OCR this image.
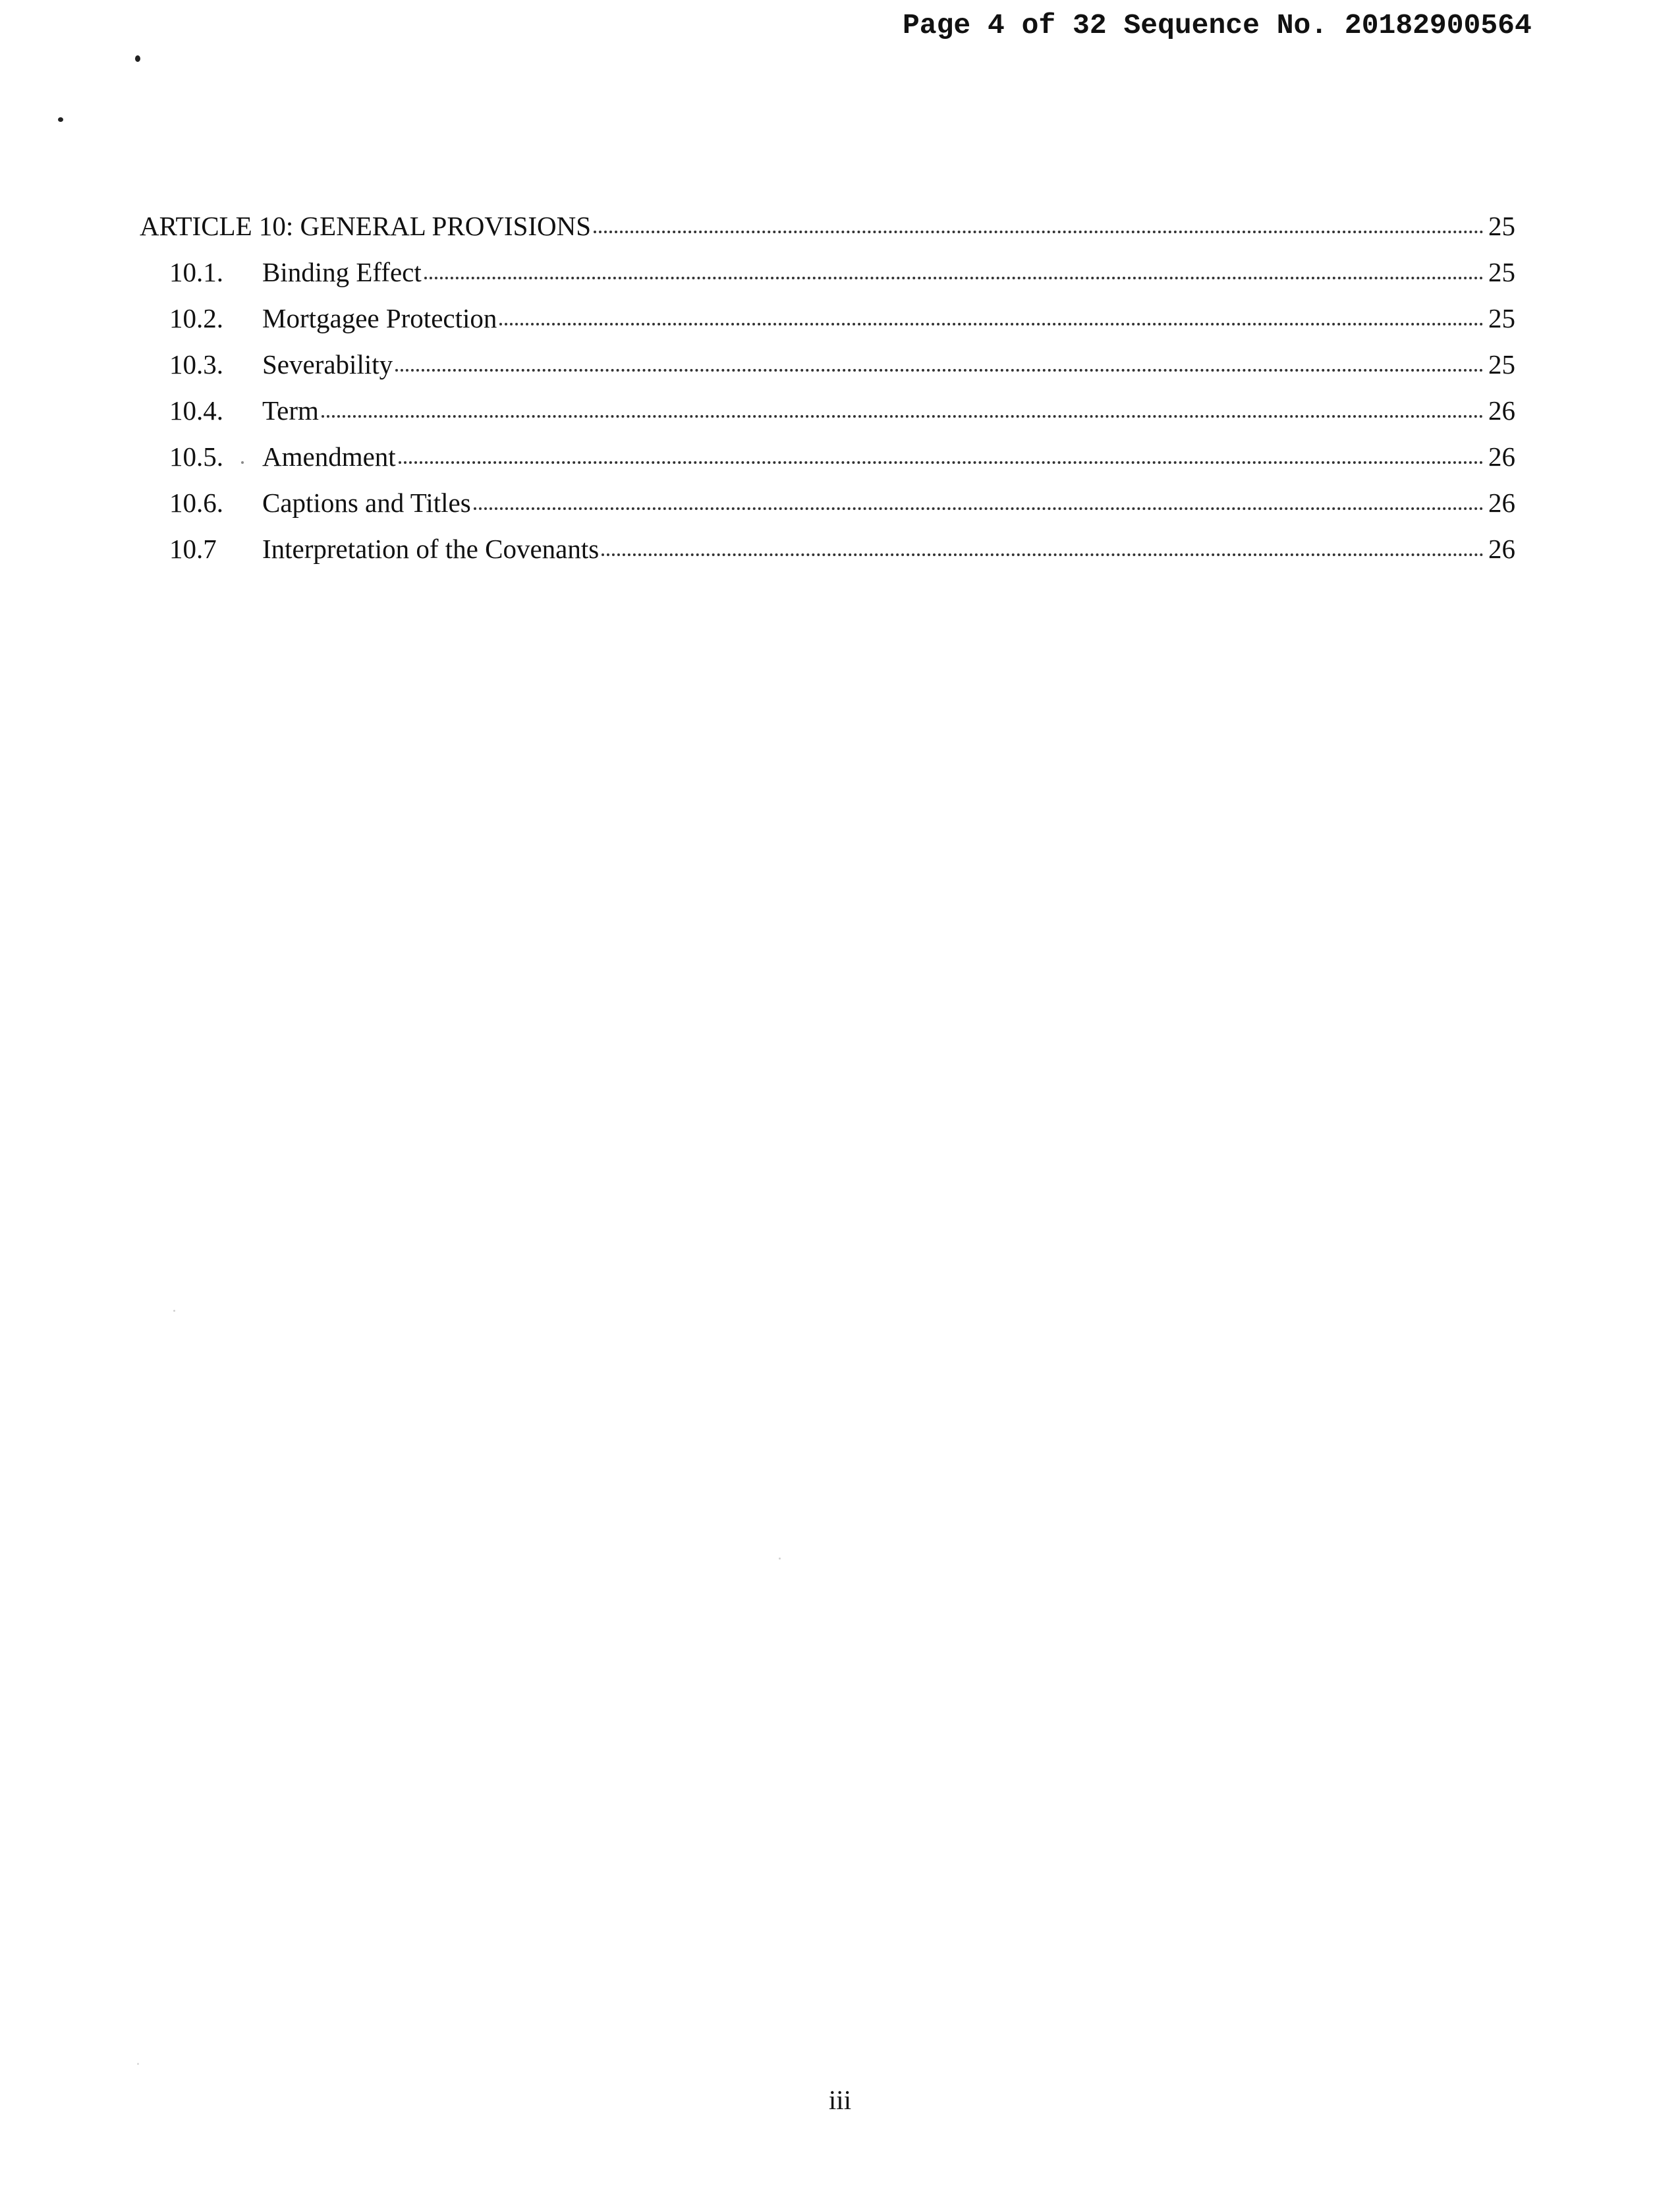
Page 4 of 32 Sequence No. 20182900564
ARTICLE 10: GENERAL PROVISIONS	25
10.1.	Binding Effect	25
10.2.	Mortgagee Protection	25
10.3.	Severability	25
10.4.	Term	26
10.5.	Amendment	26
10.6.	Captions and Titles	26
10.7	Interpretation of the Covenants	26
iii
